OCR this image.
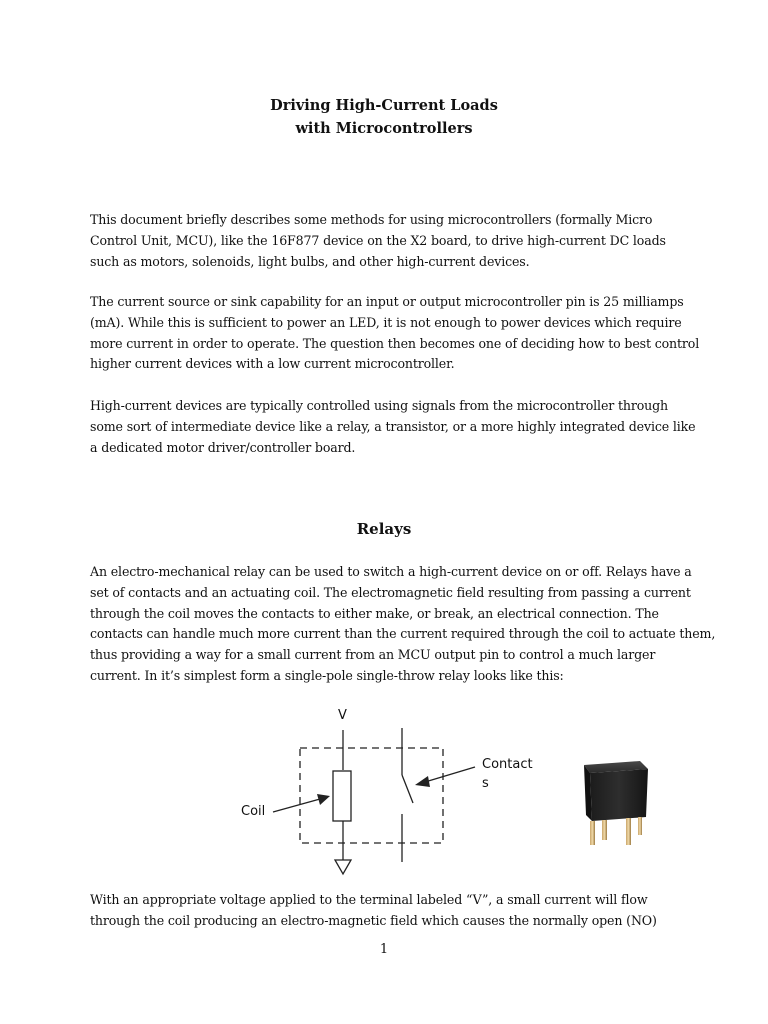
Driving High-Current Loads
with Microcontrollers
This document briefly describes some methods for using microcontrollers (formally Micro
Control Unit, MCU), like the 16F877 device on the X2 board, to drive high-current DC loads
such as motors, solenoids, light bulbs, and other high-current devices.
The current source or sink capability for an input or output microcontroller pin is 25 milliamps
(mA). While this is sufficient to power an LED, it is not enough to power devices which require
more current in order to operate. The question then becomes one of deciding how to best control
higher current devices with a low current microcontroller.
High-current devices are typically controlled using signals from the microcontroller through
some sort of intermediate device like a relay, a transistor, or a more highly integrated device like
a dedicated motor driver/controller board.
Relays
An electro-mechanical relay can be used to switch a high-current device on or off. Relays have a
set of contacts and an actuating coil. The electromagnetic field resulting from passing a current
through the coil moves the contacts to either make, or break, an electrical connection. The
contacts can handle much more current than the current required through the coil to actuate them,
thus providing a way for a small current from an MCU output pin to control a much larger
current. In it’s simplest form a single-pole single-throw relay looks like this:
V
Coil
Contact
s
With an appropriate voltage applied to the terminal labeled “V”, a small current will flow
through the coil producing an electro-magnetic field which causes the normally open (NO)
1
